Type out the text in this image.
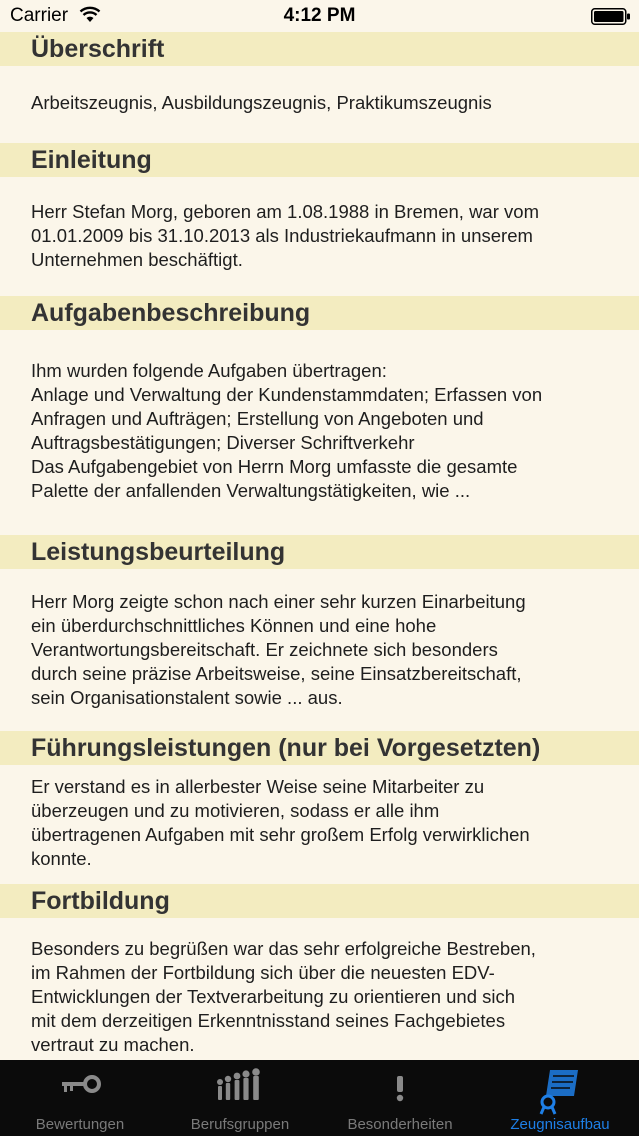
Carrier	4:12 PM
Überschrift
Arbeitszeugnis, Ausbildungszeugnis, Praktikumszeugnis
Einleitung
Herr Stefan Morg, geboren am 1.08.1988 in Bremen, war vom
01.01.2009 bis 31.10.2013 als Industriekaufmann in unserem
Unternehmen beschäftigt.
Aufgabenbeschreibung
Ihm wurden folgende Aufgaben übertragen:
Anlage und Verwaltung der Kundenstammdaten; Erfassen von
Anfragen und Aufträgen; Erstellung von Angeboten und
Auftragsbestätigungen; Diverser Schriftverkehr
Das Aufgabengebiet von Herrn Morg umfasste die gesamte
Palette der anfallenden Verwaltungstätigkeiten, wie ...
Leistungsbeurteilung
Herr Morg zeigte schon nach einer sehr kurzen Einarbeitung
ein überdurchschnittliches Können und eine hohe
Verantwortungsbereitschaft. Er zeichnete sich besonders
durch seine präzise Arbeitsweise, seine Einsatzbereitschaft,
sein Organisationstalent sowie ... aus.
Führungsleistungen (nur bei Vorgesetzten)
Er verstand es in allerbester Weise seine Mitarbeiter zu
überzeugen und zu motivieren, sodass er alle ihm
übertragenen Aufgaben mit sehr großem Erfolg verwirklichen
konnte.
Fortbildung
Besonders zu begrüßen war das sehr erfolgreiche Bestreben,
im Rahmen der Fortbildung sich über die neuesten EDV-
Entwicklungen der Textverarbeitung zu orientieren und sich
mit dem derzeitigen Erkenntnisstand seines Fachgebietes
vertraut zu machen.
Bewertungen	Berufsgruppen	Besonderheiten	Zeugnisaufbau
